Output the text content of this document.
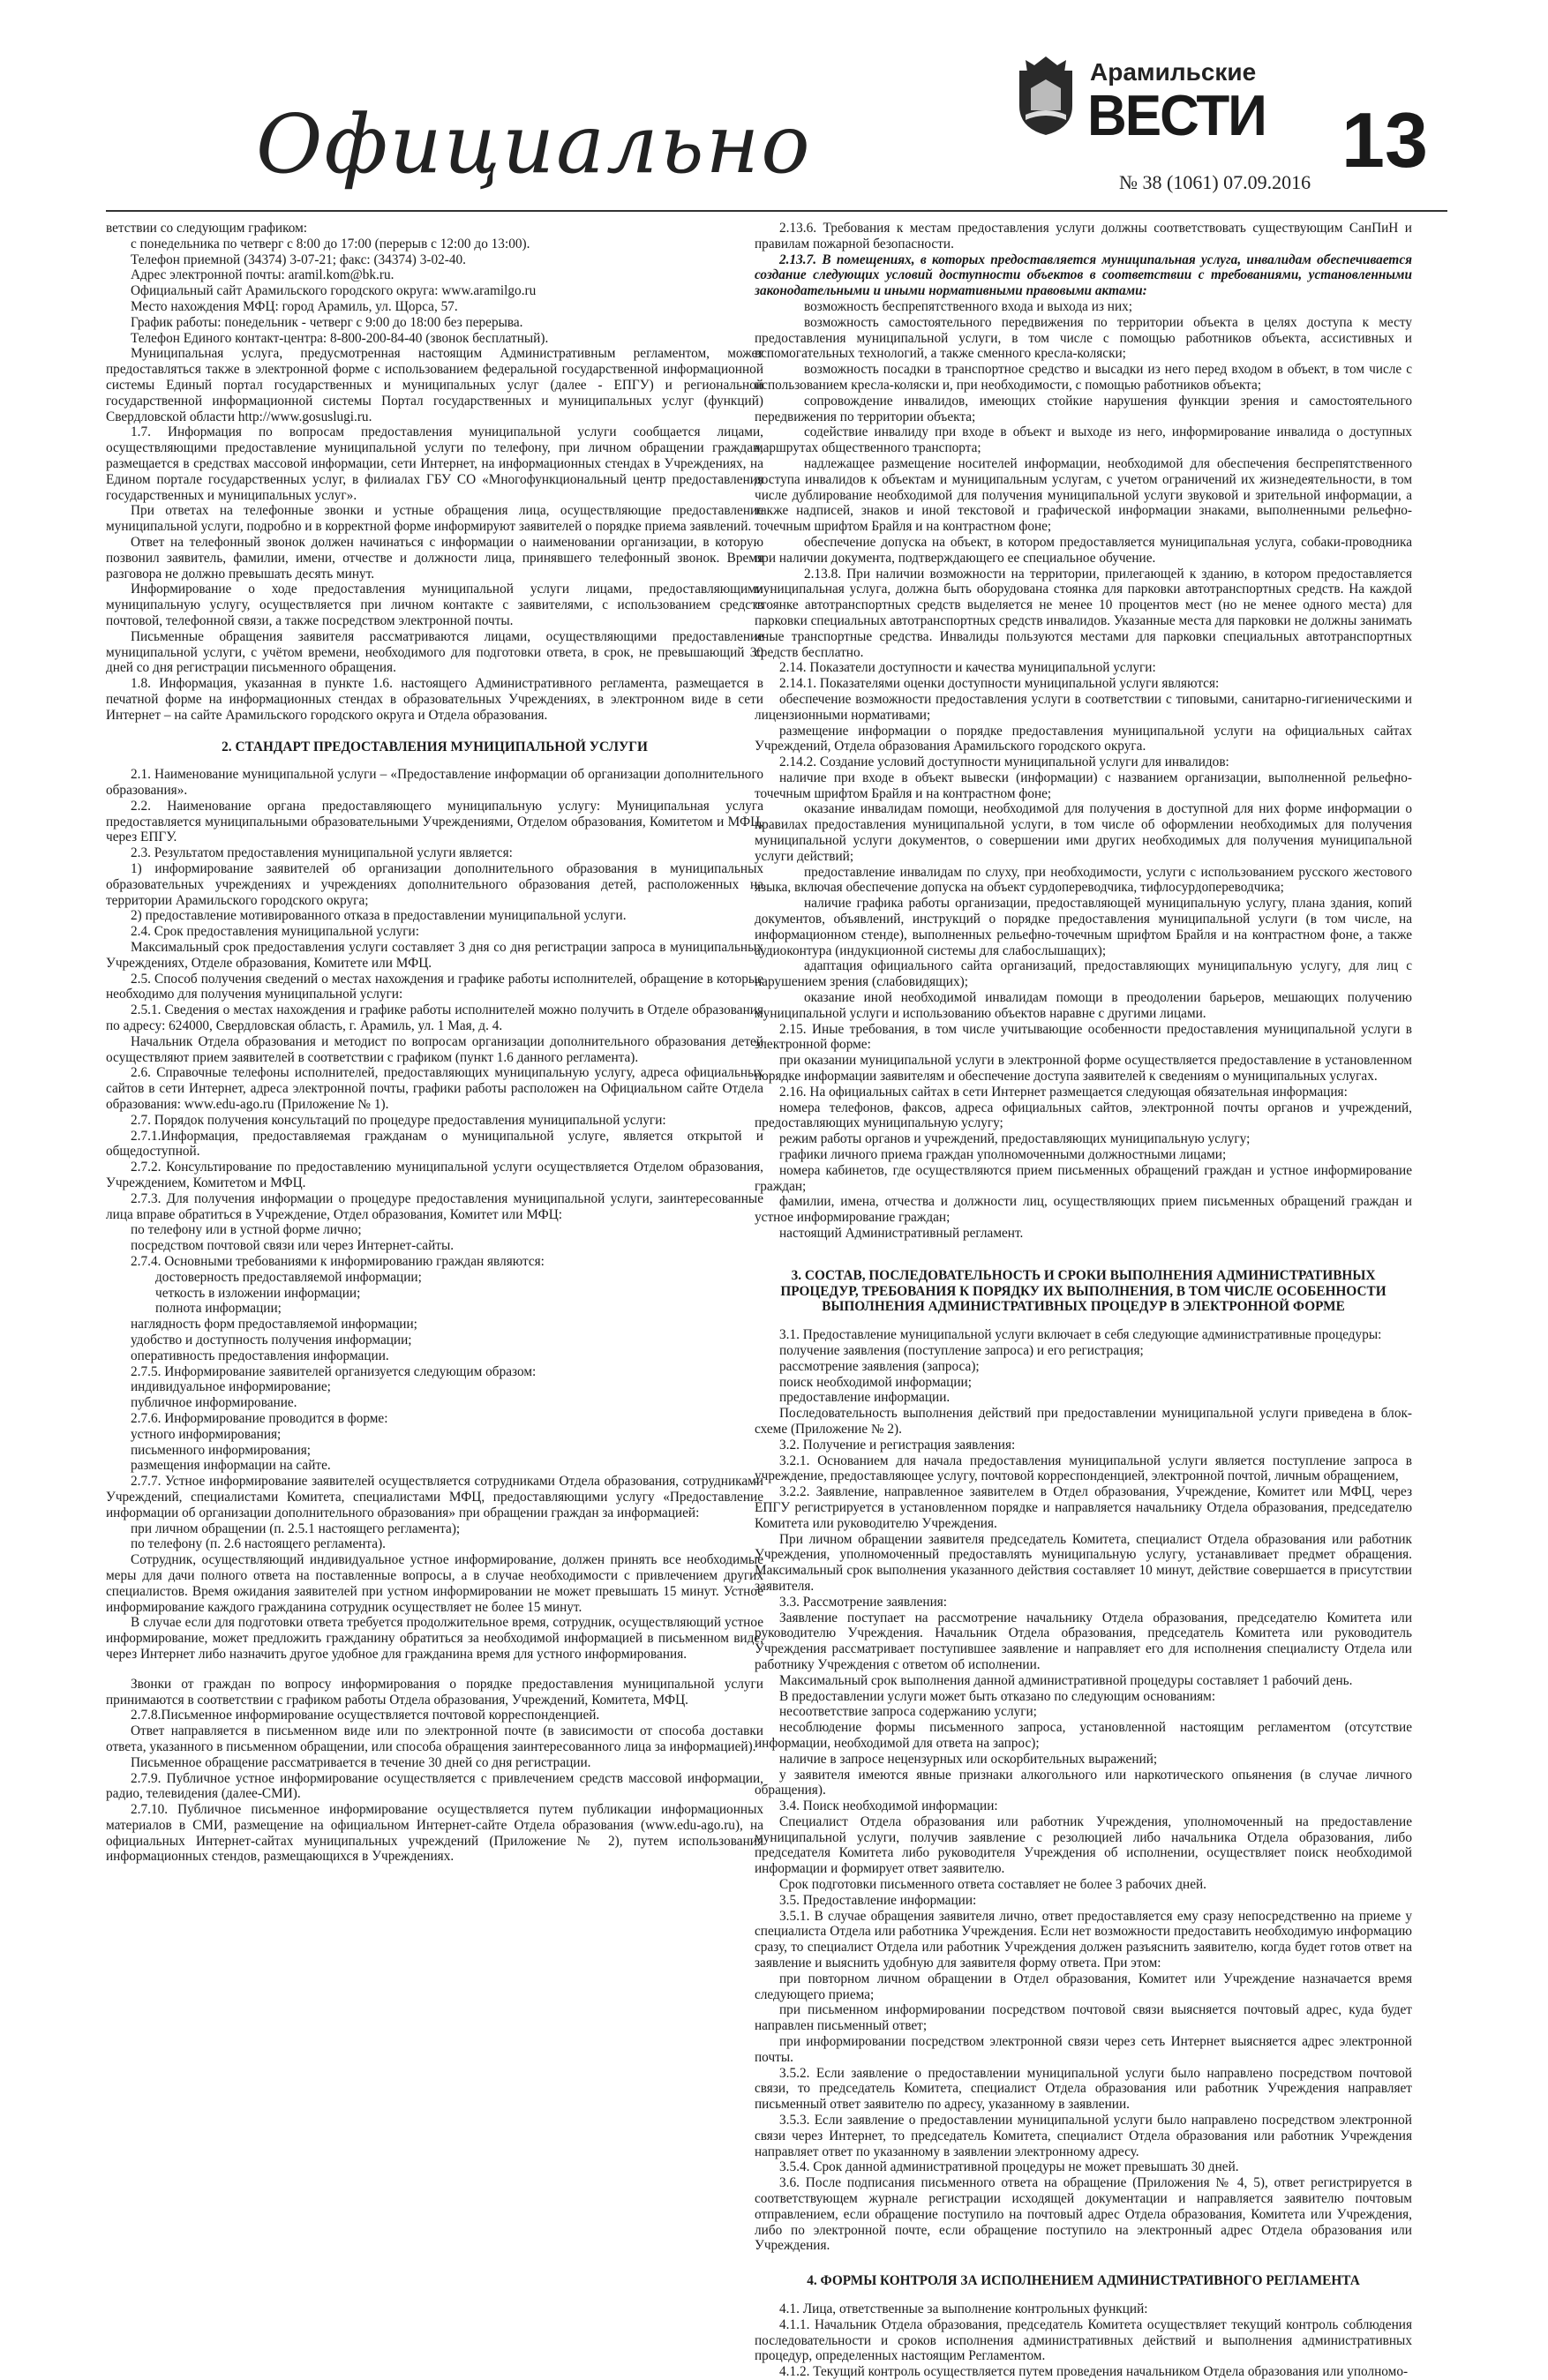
Официально
Арамильские
ВЕСТИ 13
№ 38 (1061) 07.09.2016

ветствии со следующим графиком:

с понедельника по четверг с 8:00 до 17:00 (перерыв с 12:00 до 13:00).

Телефон приемной (34374) 3-07-21; факс: (34374) 3-02-40.

Адрес электронной почты: aramil.kom@bk.ru.

Официальный сайт Арамильского городского округа: www.aramilgo.ru

Место нахождения МФЦ: город Арамиль, ул. Щорса, 57.

График работы: понедельник - четверг с 9:00 до 18:00 без перерыва.

Телефон Единого контакт-центра: 8-800-200-84-40 (звонок бесплатный).

Муниципальная услуга, предусмотренная настоящим Административным регламентом, может предоставляться также в электронной форме с использованием федеральной государственной информационной системы Единый портал государственных и муниципальных услуг (далее - ЕПГУ) и региональной государственной информационной системы Портал государственных и муниципальных услуг (функций) Свердловской области http://www.gosuslugi.ru.

1.7. Информация по вопросам предоставления муниципальной услуги сообщается лицами, осуществляющими предоставление муниципальной услуги по телефону, при личном обращении граждан, размещается в средствах массовой информации, сети Интернет, на информационных стендах в Учреждениях, на Едином портале государственных услуг, в филиалах ГБУ СО «Многофункциональный центр предоставления государственных и муниципальных услуг».

При ответах на телефонные звонки и устные обращения лица, осуществляющие предоставление муниципальной услуги, подробно и в корректной форме информируют заявителей о порядке приема заявлений.

Ответ на телефонный звонок должен начинаться с информации о наименовании организации, в которую позвонил заявитель, фамилии, имени, отчестве и должности лица, принявшего телефонный звонок. Время разговора не должно превышать десять минут.

Информирование о ходе предоставления муниципальной услуги лицами, предоставляющими муниципальную услугу, осуществляется при личном контакте с заявителями, с использованием средств почтовой, телефонной связи, а также посредством электронной почты.

Письменные обращения заявителя рассматриваются лицами, осуществляющими предоставление муниципальной услуги, с учётом времени, необходимого для подготовки ответа, в срок, не превышающий 30 дней со дня регистрации письменного обращения.

1.8. Информация, указанная в пункте 1.6. настоящего Административного регламента, размещается в печатной форме на информационных стендах в образовательных Учреждениях, в электронном виде в сети Интернет – на сайте Арамильского городского округа и Отдела образования.

2. СТАНДАРТ ПРЕДОСТАВЛЕНИЯ МУНИЦИПАЛЬНОЙ УСЛУГИ

2.1. Наименование муниципальной услуги – «Предоставление информации об организации дополнительного образования».

2.2. Наименование органа предоставляющего муниципальную услугу: Муниципальная услуга предоставляется муниципальными образовательными Учреждениями, Отделом образования, Комитетом и МФЦ, через ЕПГУ.

2.3. Результатом предоставления муниципальной услуги является:

1) информирование заявителей об организации дополнительного образования в муниципальных образовательных учреждениях и учреждениях дополнительного образования детей, расположенных на территории Арамильского городского округа;

2) предоставление мотивированного отказа в предоставлении муниципальной услуги.

2.4. Срок предоставления муниципальной услуги:

Максимальный срок предоставления услуги составляет 3 дня со дня регистрации запроса в муниципальных Учреждениях, Отделе образования, Комитете или МФЦ.

2.5. Способ получения сведений о местах нахождения и графике работы исполнителей, обращение в которые необходимо для получения муниципальной услуги:

2.5.1. Сведения о местах нахождения и графике работы исполнителей можно получить в Отделе образования по адресу: 624000, Свердловская область, г. Арамиль, ул. 1 Мая, д. 4.

Начальник Отдела образования и методист по вопросам организации дополнительного образования детей осуществляют прием заявителей в соответствии с графиком (пункт 1.6 данного регламента).

2.6. Справочные телефоны исполнителей, предоставляющих муниципальную услугу, адреса официальных сайтов в сети Интернет, адреса электронной почты, графики работы расположен на Официальном сайте Отдела образования: www.edu-ago.ru (Приложение № 1).

2.7. Порядок получения консультаций по процедуре предоставления муниципальной услуги:

2.7.1.Информация, предоставляемая гражданам о муниципальной услуге, является открытой и общедоступной.

2.7.2. Консультирование по предоставлению муниципальной услуги осуществляется Отделом образования, Учреждением, Комитетом и МФЦ.

2.7.3. Для получения информации о процедуре предоставления муниципальной услуги, заинтересованные лица вправе обратиться в Учреждение, Отдел образования, Комитет или МФЦ:

по телефону или в устной форме лично;

посредством почтовой связи или через Интернет-сайты.

2.7.4. Основными требованиями к информированию граждан являются:

достоверность предоставляемой информации;

четкость в изложении информации;

полнота информации;

наглядность форм предоставляемой информации;

удобство и доступность получения информации;

оперативность предоставления информации.

2.7.5. Информирование заявителей организуется следующим образом:

индивидуальное информирование;

публичное информирование.

2.7.6. Информирование проводится в форме:

устного информирования;

письменного информирования;

размещения информации на сайте.

2.7.7. Устное информирование заявителей осуществляется сотрудниками Отдела образования, сотрудниками Учреждений, специалистами Комитета, специалистами МФЦ, предоставляющими услугу «Предоставление информации об организации дополнительного образования» при обращении граждан за информацией:

при личном обращении (п. 2.5.1 настоящего регламента);

по телефону (п. 2.6 настоящего регламента).

Сотрудник, осуществляющий индивидуальное устное информирование, должен принять все необходимые меры для дачи полного ответа на поставленные вопросы, а в случае необходимости с привлечением других специалистов. Время ожидания заявителей при устном информировании не может превышать 15 минут. Устное информирование каждого гражданина сотрудник осуществляет не более 15 минут.

В случае если для подготовки ответа требуется продолжительное время, сотрудник, осуществляющий устное информирование, может предложить гражданину обратиться за необходимой информацией в письменном виде, через Интернет либо назначить другое удобное для гражданина время для устного информирования.

Звонки от граждан по вопросу информирования о порядке предоставления муниципальной услуги принимаются в соответствии с графиком работы Отдела образования, Учреждений, Комитета, МФЦ.

2.7.8.Письменное информирование осуществляется почтовой корреспонденцией.

Ответ направляется в письменном виде или по электронной почте (в зависимости от способа доставки ответа, указанного в письменном обращении, или способа обращения заинтересованного лица за информацией).

Письменное обращение рассматривается в течение 30 дней со дня регистрации.

2.7.9. Публичное устное информирование осуществляется с привлечением средств массовой информации, радио, телевидения (далее-СМИ).

2.7.10. Публичное письменное информирование осуществляется путем публикации информационных материалов в СМИ, размещение на официальном Интернет-сайте Отдела образования (www.edu-ago.ru), на официальных Интернет-сайтах муниципальных учреждений (Приложение № 2), путем использования информационных стендов, размещающихся в Учреждениях.

2.13.6. Требования к местам предоставления услуги должны соответствовать существующим СанПиН и правилам пожарной безопасности.

2.13.7. В помещениях, в которых предоставляется муниципальная услуга, инвалидам обеспечивается создание следующих условий доступности объектов в соответствии с требованиями, установленными законодательными и иными нормативными правовыми актами:

возможность беспрепятственного входа и выхода из них;

возможность самостоятельного передвижения по территории объекта в целях доступа к месту предоставления муниципальной услуги, в том числе с помощью работников объекта, ассистивных и вспомогательных технологий, а также сменного кресла-коляски;

возможность посадки в транспортное средство и высадки из него перед входом в объект, в том числе с использованием кресла-коляски и, при необходимости, с помощью работников объекта;

сопровождение инвалидов, имеющих стойкие нарушения функции зрения и самостоятельного передвижения по территории объекта;

содействие инвалиду при входе в объект и выходе из него, информирование инвалида о доступных маршрутах общественного транспорта;

надлежащее размещение носителей информации, необходимой для обеспечения беспрепятственного доступа инвалидов к объектам и муниципальным услугам, с учетом ограничений их жизнедеятельности, в том числе дублирование необходимой для получения муниципальной услуги звуковой и зрительной информации, а также надписей, знаков и иной текстовой и графической информации знаками, выполненными рельефно-точечным шрифтом Брайля и на контрастном фоне;

обеспечение допуска на объект, в котором предоставляется муниципальная услуга, собаки-проводника при наличии документа, подтверждающего ее специальное обучение.

2.13.8. При наличии возможности на территории, прилегающей к зданию, в котором предоставляется муниципальная услуга, должна быть оборудована стоянка для парковки автотранспортных средств. На каждой стоянке автотранспортных средств выделяется не менее 10 процентов мест (но не менее одного места) для парковки специальных автотранспортных средств инвалидов. Указанные места для парковки не должны занимать иные транспортные средства. Инвалиды пользуются местами для парковки специальных автотранспортных средств бесплатно.

2.14. Показатели доступности и качества муниципальной услуги:

2.14.1. Показателями оценки доступности муниципальной услуги являются:

обеспечение возможности предоставления услуги в соответствии с типовыми, санитарно-гигиеническими и лицензионными нормативами;

размещение информации о порядке предоставления муниципальной услуги на официальных сайтах Учреждений, Отдела образования Арамильского городского округа.

2.14.2. Создание условий доступности муниципальной услуги для инвалидов:

наличие при входе в объект вывески (информации) с названием организации, выполненной рельефно-точечным шрифтом Брайля и на контрастном фоне;

оказание инвалидам помощи, необходимой для получения в доступной для них форме информации о правилах предоставления муниципальной услуги, в том числе об оформлении необходимых для получения муниципальной услуги документов, о совершении ими других необходимых для получения муниципальной услуги действий;

предоставление инвалидам по слуху, при необходимости, услуги с использованием русского жестового языка, включая обеспечение допуска на объект сурдопереводчика, тифлосурдопереводчика;

наличие графика работы организации, предоставляющей муниципальную услугу, плана здания, копий документов, объявлений, инструкций о порядке предоставления муниципальной услуги (в том числе, на информационном стенде), выполненных рельефно-точечным шрифтом Брайля и на контрастном фоне, а также аудиоконтура (индукционной системы для слабослышащих);

адаптация официального сайта организаций, предоставляющих муниципальную услугу, для лиц с нарушением зрения (слабовидящих);

оказание иной необходимой инвалидам помощи в преодолении барьеров, мешающих получению муниципальной услуги и использованию объектов наравне с другими лицами.

2.15. Иные требования, в том числе учитывающие особенности предоставления муниципальной услуги в электронной форме:

при оказании муниципальной услуги в электронной форме осуществляется предоставление в установленном порядке информации заявителям и обеспечение доступа заявителей к сведениям о муниципальных услугах.

2.16. На официальных сайтах в сети Интернет размещается следующая обязательная информация:

номера телефонов, факсов, адреса официальных сайтов, электронной почты органов и учреждений, предоставляющих муниципальную услугу;

режим работы органов и учреждений, предоставляющих муниципальную услугу;

графики личного приема граждан уполномоченными должностными лицами;

номера кабинетов, где осуществляются прием письменных обращений граждан и устное информирование граждан;

фамилии, имена, отчества и должности лиц, осуществляющих прием письменных обращений граждан и устное информирование граждан;

настоящий Административный регламент.

3. СОСТАВ, ПОСЛЕДОВАТЕЛЬНОСТЬ И СРОКИ ВЫПОЛНЕНИЯ АДМИНИСТРАТИВНЫХ ПРОЦЕДУР, ТРЕБОВАНИЯ К ПОРЯДКУ ИХ ВЫПОЛНЕНИЯ, В ТОМ ЧИСЛЕ ОСОБЕННОСТИ ВЫПОЛНЕНИЯ АДМИНИСТРАТИВНЫХ ПРОЦЕДУР В ЭЛЕКТРОННОЙ ФОРМЕ

3.1. Предоставление муниципальной услуги включает в себя следующие административные процедуры:

получение заявления (поступление запроса) и его регистрация;

рассмотрение заявления (запроса);

поиск необходимой информации;

предоставление информации.

Последовательность выполнения действий при предоставлении муниципальной услуги приведена в блок-схеме (Приложение № 2).

3.2. Получение и регистрация заявления:

3.2.1. Основанием для начала предоставления муниципальной услуги является поступление запроса в учреждение, предоставляющее услугу, почтовой корреспонденцией, электронной почтой, личным обращением,

3.2.2. Заявление, направленное заявителем в Отдел образования, Учреждение, Комитет или МФЦ, через ЕПГУ регистрируется в установленном порядке и направляется начальнику Отдела образования, председателю Комитета или руководителю Учреждения.

При личном обращении заявителя председатель Комитета, специалист Отдела образования или работник Учреждения, уполномоченный предоставлять муниципальную услугу, устанавливает предмет обращения. Максимальный срок выполнения указанного действия составляет 10 минут, действие совершается в присутствии заявителя.

3.3. Рассмотрение заявления:

Заявление поступает на рассмотрение начальнику Отдела образования, председателю Комитета или руководителю Учреждения. Начальник Отдела образования, председатель Комитета или руководитель Учреждения рассматривает поступившее заявление и направляет его для исполнения специалисту Отдела или работнику Учреждения с ответом об исполнении.

Максимальный срок выполнения данной административной процедуры составляет 1 рабочий день.

В предоставлении услуги может быть отказано по следующим основаниям:

несоответствие запроса содержанию услуги;

несоблюдение формы письменного запроса, установленной настоящим регламентом (отсутствие информации, необходимой для ответа на запрос);

наличие в запросе нецензурных или оскорбительных выражений;

у заявителя имеются явные признаки алкогольного или наркотического опьянения (в случае личного обращения).

3.4. Поиск необходимой информации:

Специалист Отдела образования или работник Учреждения, уполномоченный на предоставление муниципальной услуги, получив заявление с резолюцией либо начальника Отдела образования, либо председателя Комитета либо руководителя Учреждения об исполнении, осуществляет поиск необходимой информации и формирует ответ заявителю.

Срок подготовки письменного ответа составляет не более 3 рабочих дней.

3.5. Предоставление информации:

3.5.1. В случае обращения заявителя лично, ответ предоставляется ему сразу непосредственно на приеме у специалиста Отдела или работника Учреждения. Если нет возможности предоставить необходимую информацию сразу, то специалист Отдела или работник Учреждения должен разъяснить заявителю, когда будет готов ответ на заявление и выяснить удобную для заявителя форму ответа. При этом:

при повторном личном обращении в Отдел образования, Комитет или Учреждение назначается время следующего приема;

при письменном информировании посредством почтовой связи выясняется почтовый адрес, куда будет направлен письменный ответ;

при информировании посредством электронной связи через сеть Интернет выясняется адрес электронной почты.

3.5.2. Если заявление о предоставлении муниципальной услуги было направлено посредством почтовой связи, то председатель Комитета, специалист Отдела образования или работник Учреждения направляет письменный ответ заявителю по адресу, указанному в заявлении.

3.5.3. Если заявление о предоставлении муниципальной услуги было направлено посредством электронной связи через Интернет, то председатель Комитета, специалист Отдела образования или работник Учреждения направляет ответ по указанному в заявлении электронному адресу.

3.5.4. Срок данной административной процедуры не может превышать 30 дней.

3.6. После подписания письменного ответа на обращение (Приложения № 4, 5), ответ регистрируется в соответствующем журнале регистрации исходящей документации и направляется заявителю почтовым отправлением, если обращение поступило на почтовый адрес Отдела образования, Комитета или Учреждения, либо по электронной почте, если обращение поступило на электронный адрес Отдела образования или Учреждения.

4. ФОРМЫ КОНТРОЛЯ ЗА ИСПОЛНЕНИЕМ АДМИНИСТРАТИВНОГО РЕГЛАМЕНТА

4.1. Лица, ответственные за выполнение контрольных функций:

4.1.1. Начальник Отдела образования, председатель Комитета осуществляет текущий контроль соблюдения последовательности и сроков исполнения административных действий и выполнения административных процедур, определенных настоящим Регламентом.

4.1.2. Текущий контроль осуществляется путем проведения начальником Отдела образования или уполномо-
